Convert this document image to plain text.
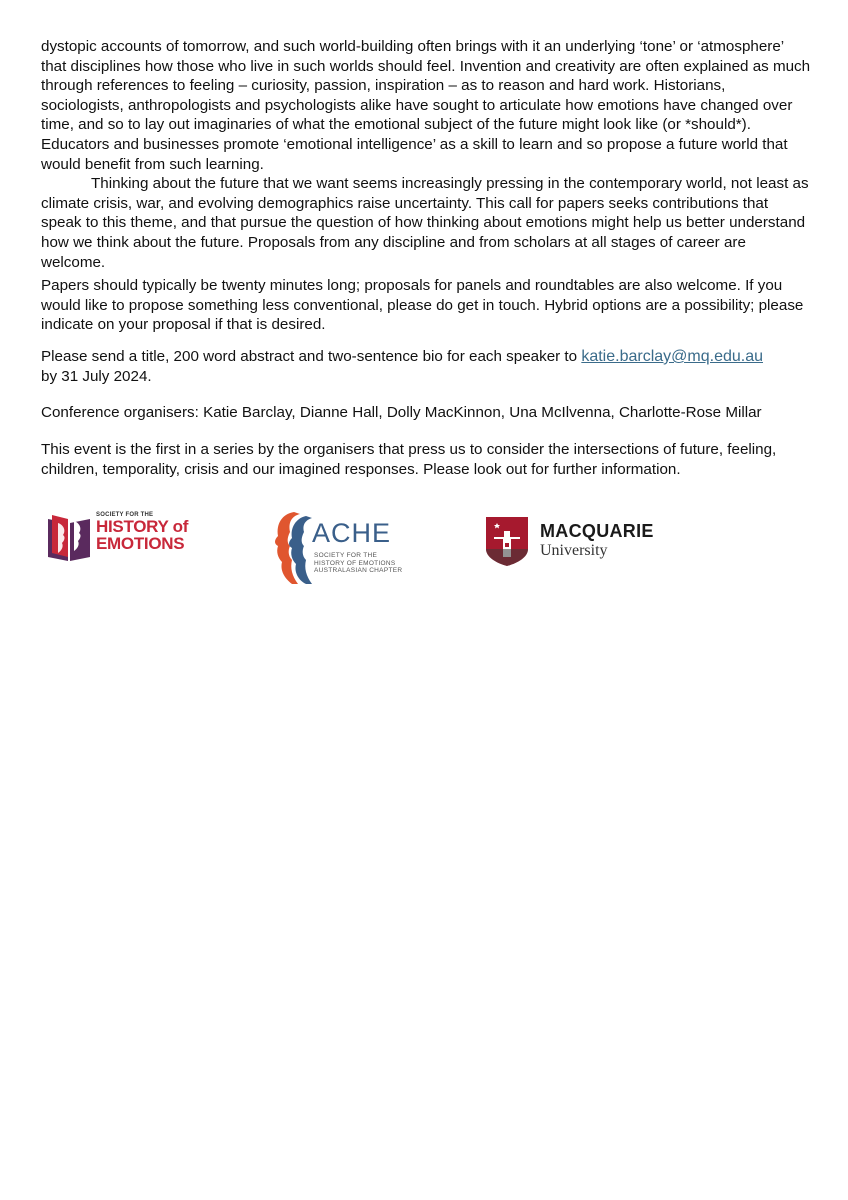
dystopic accounts of tomorrow, and such world-building often brings with it an underlying ‘tone’ or ‘atmosphere’ that disciplines how those who live in such worlds should feel. Invention and creativity are often explained as much through references to feeling – curiosity, passion, inspiration – as to reason and hard work. Historians, sociologists, anthropologists and psychologists alike have sought to articulate how emotions have changed over time, and so to lay out imaginaries of what the emotional subject of the future might look like (or *should*). Educators and businesses promote ‘emotional intelligence’ as a skill to learn and so propose a future world that would benefit from such learning.

Thinking about the future that we want seems increasingly pressing in the contemporary world, not least as climate crisis, war, and evolving demographics raise uncertainty. This call for papers seeks contributions that speak to this theme, and that pursue the question of how thinking about emotions might help us better understand how we think about the future. Proposals from any discipline and from scholars at all stages of career are welcome.

Papers should typically be twenty minutes long; proposals for panels and roundtables are also welcome. If you would like to propose something less conventional, please do get in touch. Hybrid options are a possibility; please indicate on your proposal if that is desired.

Please send a title, 200 word abstract and two-sentence bio for each speaker to katie.barclay@mq.edu.au
by 31 July 2024.

Conference organisers: Katie Barclay, Dianne Hall, Dolly MacKinnon, Una McIlvenna, Charlotte-Rose Millar

This event is the first in a series by the organisers that press us to consider the intersections of future, feeling, children, temporality, crisis and our imagined responses. Please look out for further information.

SOCIETY FOR THE
HISTORY of
EMOTIONS	ACHE
SOCIETY FOR THE
HISTORY OF EMOTIONS
AUSTRALASIAN CHAPTER
MACQUARIE
University
